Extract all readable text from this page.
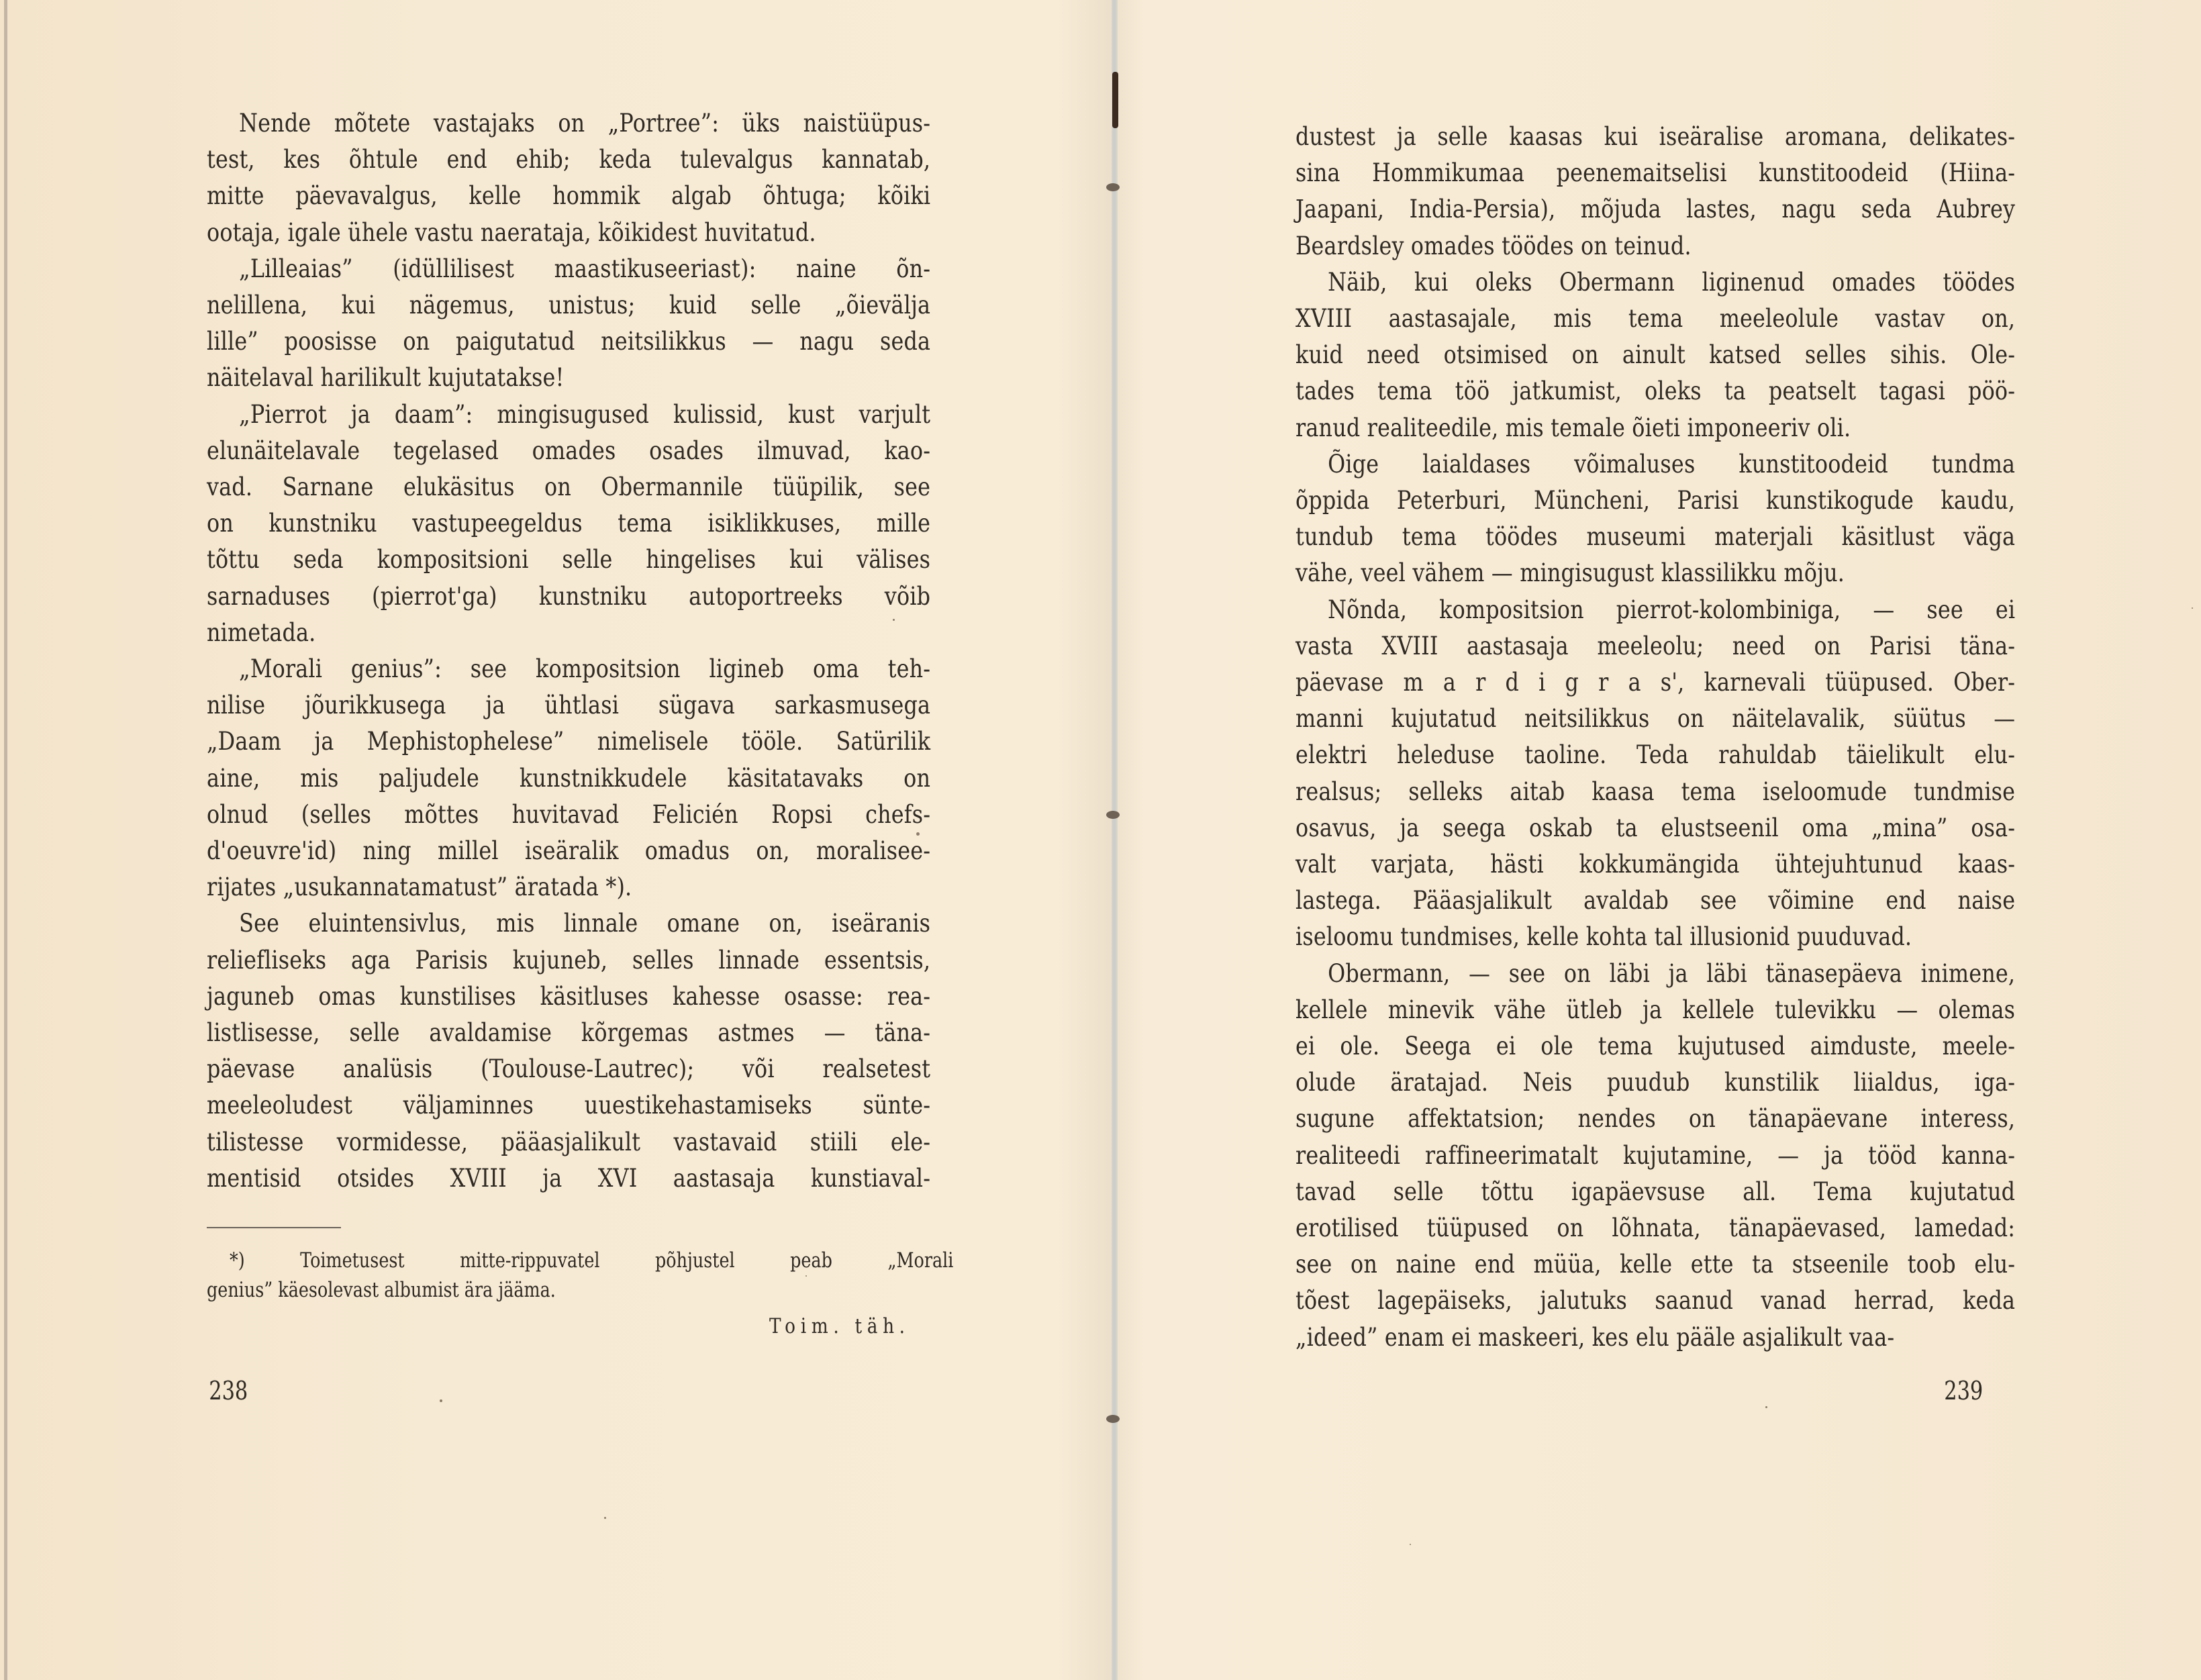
*) Toimetusest mitte-rippuvatel põhjustel peab „Morali
genius” käesolevast albumist ära jääma.
Toim. täh.
238
Nende mõtete vastajaks on „Portree”: üks naistüüpus-
test, kes õhtule end ehib; keda tulevalgus kannatab,
mitte päevavalgus, kelle hommik algab õhtuga; kõiki
ootaja, igale ühele vastu naerataja, kõikidest huvitatud.
„Lilleaias” (idüllilisest maastikuseeriast): naine õn-
nelillena, kui nägemus, unistus; kuid selle „õievälja
lille” poosisse on paigutatud neitsilikkus — nagu seda
näitelaval harilikult kujutatakse!
„Pierrot ja daam”: mingisugused kulissid, kust varjult
elunäitelavale tegelased omades osades ilmuvad, kao-
vad. Sarnane elukäsitus on Obermannile tüüpilik, see
on kunstniku vastupeegeldus tema isiklikkuses, mille
tõttu seda kompositsioni selle hingelises kui välises
sarnaduses (pierrot'ga) kunstniku autoportreeks võib
nimetada.
„Morali genius”: see kompositsion ligineb oma teh-
nilise jõurikkusega ja ühtlasi sügava sarkasmusega
„Daam ja Mephistophelese” nimelisele tööle. Satürilik
aine, mis paljudele kunstnikkudele käsitatavaks on
olnud (selles mõttes huvitavad Felicién Ropsi chefs-
d'oeuvre'id) ning millel iseäralik omadus on, moralisee-
rijates „usukannatamatust” äratada *).
See eluintensivlus, mis linnale omane on, iseäranis
reliefliseks aga Parisis kujuneb, selles linnade essentsis,
jaguneb omas kunstilises käsitluses kahesse osasse: rea-
listlisesse, selle avaldamise kõrgemas astmes — täna-
päevase analüsis (Toulouse-Lautrec); või realsetest
meeleoludest väljaminnes uuestikehastamiseks sünte-
tilistesse vormidesse, pääasjalikult vastavaid stiili ele-
mentisid otsides XVIII ja XVI aastasaja kunstiaval-
239
dustest ja selle kaasas kui iseäralise aromana, delikates-
sina Hommikumaa peenemaitselisi kunstitoodeid (Hiina-
Jaapani, India-Persia), mõjuda lastes, nagu seda Aubrey
Beardsley omades töödes on teinud.
Näib, kui oleks Obermann liginenud omades töödes
XVIII aastasajale, mis tema meeleolule vastav on,
kuid need otsimised on ainult katsed selles sihis. Ole-
tades tema töö jatkumist, oleks ta peatselt tagasi pöö-
ranud realiteedile, mis temale õieti imponeeriv oli.
Õige laialdases võimaluses kunstitoodeid tundma
õppida Peterburi, Müncheni, Parisi kunstikogude kaudu,
tundub tema töödes museumi materjali käsitlust väga
vähe, veel vähem — mingisugust klassilikku mõju.
Nõnda, kompositsion pierrot-kolombiniga, — see ei
vasta XVIII aastasaja meeleolu; need on Parisi täna-
päevase m a r d i g r a s', karnevali tüüpused. Ober-
manni kujutatud neitsilikkus on näitelavalik, süütus —
elektri heleduse taoline. Teda rahuldab täielikult elu-
realsus; selleks aitab kaasa tema iseloomude tundmise
osavus, ja seega oskab ta elustseenil oma „mina” osa-
valt varjata, hästi kokkumängida ühtejuhtunud kaas-
lastega. Pääasjalikult avaldab see võimine end naise
iseloomu tundmises, kelle kohta tal illusionid puuduvad.
Obermann, — see on läbi ja läbi tänasepäeva inimene,
kellele minevik vähe ütleb ja kellele tulevikku — olemas
ei ole. Seega ei ole tema kujutused aimduste, meele-
olude äratajad. Neis puudub kunstilik liialdus, iga-
sugune affektatsion; nendes on tänapäevane interess,
realiteedi raffineerimatalt kujutamine, — ja tööd kanna-
tavad selle tõttu igapäevsuse all. Tema kujutatud
erotilised tüüpused on lõhnata, tänapäevased, lamedad:
see on naine end müüa, kelle ette ta stseenile toob elu-
tõest lagepäiseks, jalutuks saanud vanad herrad, keda
„ideed” enam ei maskeeri, kes elu pääle asjalikult vaa-
